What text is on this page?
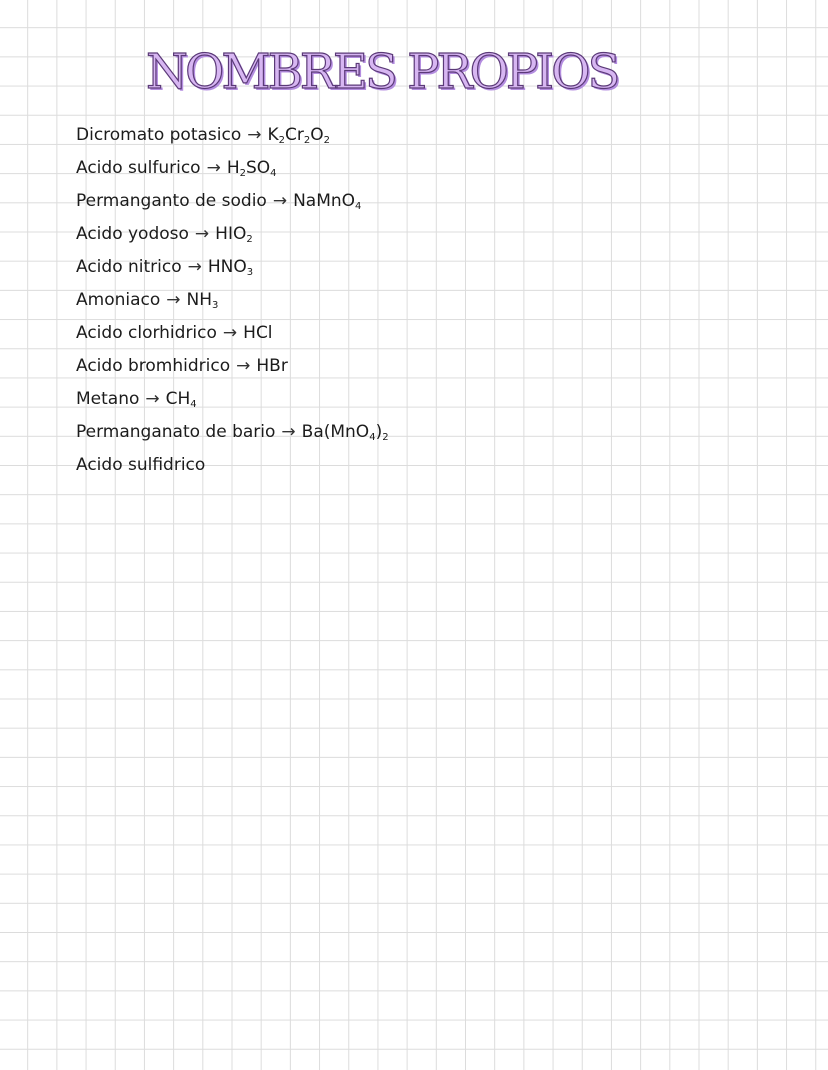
NOMBRES PROPIOS
Dicromato potasico → $K_2Cr_2O_2$
Acido sulfurico → $H_2SO_4$
Permanganto de sodio → NaMnO$_4$
Acido yodoso → $HIO_2$
Acido nitrico → $HNO_3$
Amoniaco → $NH_3$
Acido clorhidrico → HCl
Acido bromhidrico → HBr
$Metano \to CH_4$
Permanganato de bario → $Ba(MnO_4)_2$
Acido sulfidrico
